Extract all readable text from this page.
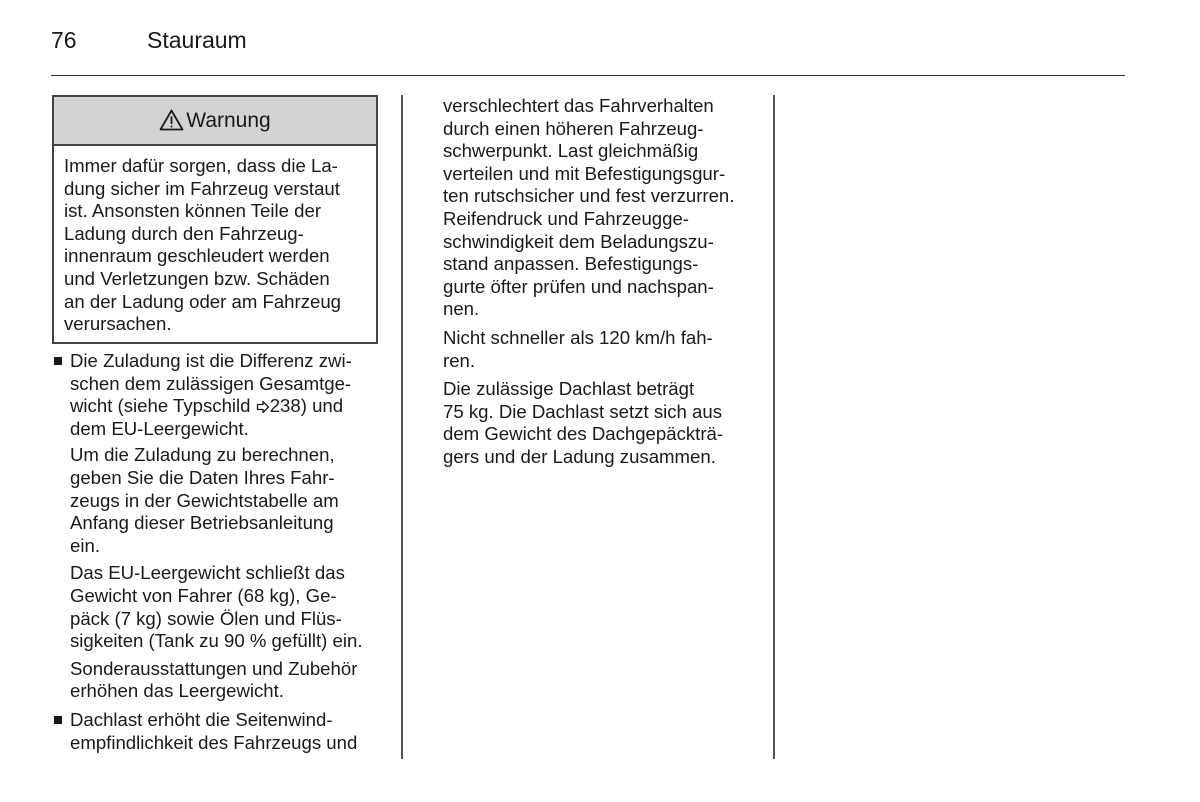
76	Stauraum
Warnung
Immer dafür sorgen, dass die La-
dung sicher im Fahrzeug verstaut
ist. Ansonsten können Teile der
Ladung durch den Fahrzeug-
innenraum geschleudert werden
und Verletzungen bzw. Schäden
an der Ladung oder am Fahrzeug
verursachen.
Die Zuladung ist die Differenz zwi-
schen dem zulässigen Gesamtge-
wicht (siehe Typschild 238) und
dem EU-Leergewicht.
Um die Zuladung zu berechnen,
geben Sie die Daten Ihres Fahr-
zeugs in der Gewichtstabelle am
Anfang dieser Betriebsanleitung
ein.
Das EU-Leergewicht schließt das
Gewicht von Fahrer (68 kg), Ge-
päck (7 kg) sowie Ölen und Flüs-
sigkeiten (Tank zu 90 % gefüllt) ein.
Sonderausstattungen und Zubehör
erhöhen das Leergewicht.
Dachlast erhöht die Seitenwind-
empfindlichkeit des Fahrzeugs und
verschlechtert das Fahrverhalten
durch einen höheren Fahrzeug-
schwerpunkt. Last gleichmäßig
verteilen und mit Befestigungsgur-
ten rutschsicher und fest verzurren.
Reifendruck und Fahrzeugge-
schwindigkeit dem Beladungszu-
stand anpassen. Befestigungs-
gurte öfter prüfen und nachspan-
nen.
Nicht schneller als 120 km/h fah-
ren.
Die zulässige Dachlast beträgt
75 kg. Die Dachlast setzt sich aus
dem Gewicht des Dachgepäckträ-
gers und der Ladung zusammen.
